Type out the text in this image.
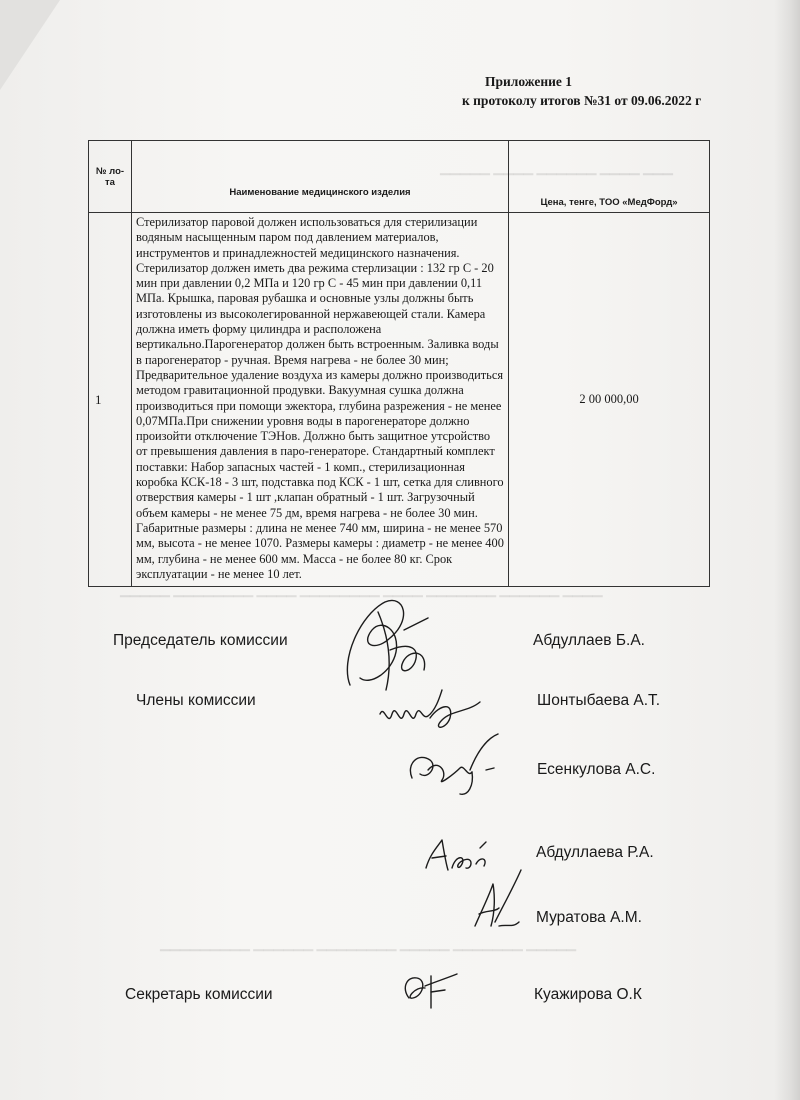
▁▁▁▁▁ ▁▁▁▁ ▁▁▁▁▁▁ ▁▁▁▁ ▁▁▁
▁▁▁▁▁ ▁▁▁▁▁▁▁▁ ▁▁▁▁ ▁▁▁▁▁▁▁▁ ▁▁▁▁ ▁▁▁▁▁▁▁ ▁▁▁▁▁▁ ▁▁▁▁
▁▁▁▁▁▁▁▁▁ ▁▁▁▁▁▁ ▁▁▁▁▁▁▁▁ ▁▁▁▁▁ ▁▁▁▁▁▁▁ ▁▁▁▁▁
Приложение 1
к протоколу итогов №31 от 09.06.2022 г
№ ло-та	Наименование медицинского изделия	Цена, тенге, ТОО «МедФорд»
1	Стерилизатор паровой должен использоваться для стерилизации водяным насыщенным паром под давлением материалов, инструментов и принадлежностей медицинского назначения. Стерилизатор должен иметь два режима стерлизации : 132 гр С - 20 мин при давлении 0,2 МПа и 120 гр С - 45 мин при давлении 0,11 МПа. Крышка, паровая рубашка и основные узлы должны быть изготовлены из высоколегированной нержавеющей стали. Камера должна иметь форму цилиндра и расположена вертикально.Парогенератор должен быть встроенным. Заливка воды в парогенератор - ручная. Время нагрева - не более 30 мин; Предварительное удаление воздуха из камеры должно производиться методом гравитационной продувки. Вакуумная сушка должна производиться при помощи эжектора, глубина разрежения - не менее 0,07МПа.При снижении уровня воды в парогенераторе должно произойти отключение ТЭНов. Должно быть защитное утсройство от превышения давления в паро-генераторе. Стандартный комплект поставки: Набор запасных частей - 1 комп., стерилизационная коробка КСК-18 - 3 шт, подставка под КСК - 1 шт, сетка для сливного отверствия камеры - 1 шт ,клапан обратный - 1 шт. Загрузочный объем камеры - не менее 75 дм, время нагрева - не более 30 мин. Габаритные размеры : длина не менее 740 мм, ширина - не менее 570 мм, высота - не менее 1070. Размеры камеры : диаметр - не менее 400 мм, глубина - не менее 600 мм. Масса - не более 80 кг. Срок эксплуатации - не менее 10 лет.	2 00 000,00
Председатель комиссии	Абдуллаев Б.А.
Члены комиссии	Шонтыбаева А.Т.
Есенкулова А.С.
Абдуллаева Р.А.
Муратова А.М.
Секретарь комиссии	Куажирова О.К
